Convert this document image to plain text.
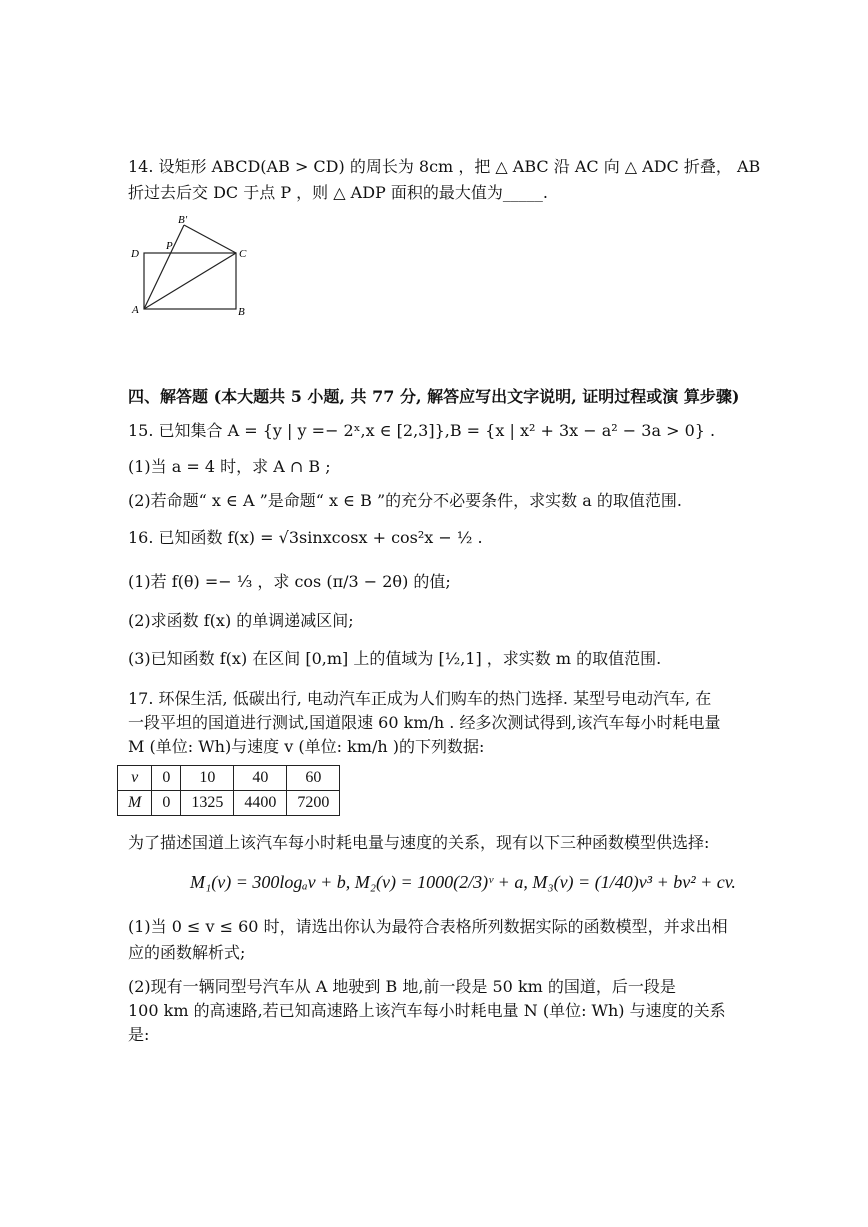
14. 设矩形 ABCD(AB > CD) 的周长为 8cm ，把 △ ABC 沿 AC 向 △ ADC 折叠， AB
折过去后交 DC 于点 P ，则 △ ADP 面积的最大值为_____.
B′
D
P
C
A	B
四、解答题 (本大题共 5 小题, 共 77 分, 解答应写出文字说明, 证明过程或演 算步骤)
15. 已知集合 A = {y | y =− 2ˣ,x ∈ [2,3]},B = {x | x² + 3x − a² − 3a > 0} .
(1)当 a = 4 时，求 A ∩ B ;
(2)若命题“ x ∈ A ”是命题“ x ∈ B ”的充分不必要条件，求实数 a 的取值范围.
16. 已知函数 f(x) = √3sinxcosx + cos²x − ½ .
(1)若 f(θ) =− ⅓ ，求 cos (π/3 − 2θ) 的值;
(2)求函数 f(x) 的单调递减区间;
(3)已知函数 f(x) 在区间 [0,m] 上的值域为 [½,1] ，求实数 m 的取值范围.
17. 环保生活, 低碳出行, 电动汽车正成为人们购车的热门选择. 某型号电动汽车, 在
一段平坦的国道进行测试,国道限速 60 km/h . 经多次测试得到,该汽车每小时耗电量
M (单位: Wh)与速度 v (单位: km/h )的下列数据:
v	0	10	40	60
M	0	1325	4400	7200
为了描述国道上该汽车每小时耗电量与速度的关系，现有以下三种函数模型供选择:
M₁(v) = 300logₐv + b, M₂(v) = 1000(2/3)ᵛ + a, M₃(v) = (1/40)v³ + bv² + cv.
(1)当 0 ≤ v ≤ 60 时，请选出你认为最符合表格所列数据实际的函数模型，并求出相
应的函数解析式;
(2)现有一辆同型号汽车从 A 地驶到 B 地,前一段是 50 km 的国道，后一段是
100 km 的高速路,若已知高速路上该汽车每小时耗电量 N (单位: Wh) 与速度的关系
是:
